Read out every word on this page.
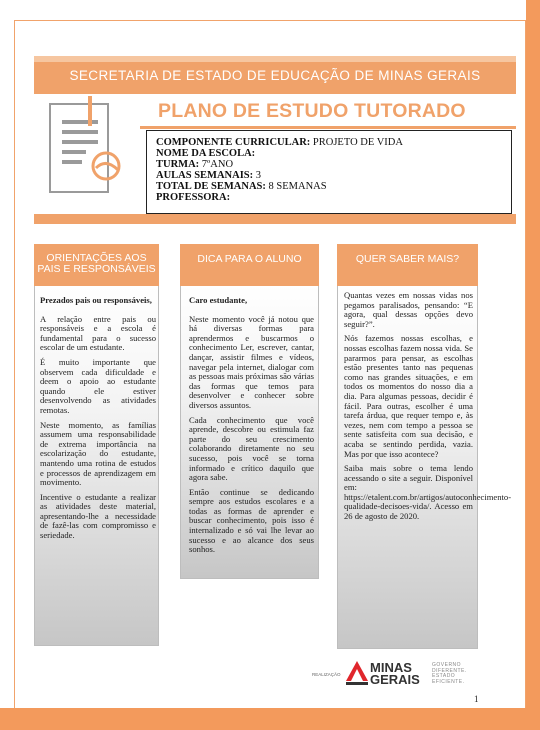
SECRETARIA DE ESTADO DE EDUCAÇÃO DE MINAS GERAIS
PLANO DE ESTUDO TUTORADO
COMPONENTE CURRICULAR: PROJETO DE VIDA
NOME DA ESCOLA:
TURMA: 7ºANO
AULAS SEMANAIS: 3
TOTAL DE SEMANAS: 8 SEMANAS
PROFESSORA:
ORIENTAÇÕES AOS PAIS E RESPONSÁVEIS

Prezados pais ou responsáveis,

A relação entre pais ou responsáveis e a escola é fundamental para o sucesso escolar de um estudante.

É muito importante que observem cada dificuldade e deem o apoio ao estudante quando ele estiver desenvolvendo as atividades remotas.

Neste momento, as famílias assumem uma responsabilidade de extrema importância na escolarização do estudante, mantendo uma rotina de estudos e processos de aprendizagem em movimento.

Incentive o estudante a realizar as atividades deste material, apresentando-lhe a necessidade de fazê-las com compromisso e seriedade.

DICA PARA O ALUNO

Caro estudante,

Neste momento você já notou que há diversas formas para aprendermos e buscarmos o conhecimento Ler, escrever, cantar, dançar, assistir filmes e vídeos, navegar pela internet, dialogar com as pessoas mais próximas são várias das formas que temos para desenvolver e conhecer sobre diversos assuntos.

Cada conhecimento que você aprende, descobre ou estimula faz parte do seu crescimento colaborando diretamente no seu sucesso, pois você se torna informado e crítico daquilo que agora sabe.

Então continue se dedicando sempre aos estudos escolares e a todas as formas de aprender e buscar conhecimento, pois isso é internalizado e só vai lhe levar ao sucesso e ao alcance dos seus sonhos.

QUER SABER MAIS?

Quantas vezes em nossas vidas nos pegamos paralisados, pensando: “E agora, qual dessas opções devo seguir?”.

Nós fazemos nossas escolhas, e nossas escolhas fazem nossa vida. Se pararmos para pensar, as escolhas estão presentes tanto nas pequenas como nas grandes situações, e em todos os momentos do nosso dia a dia. Para algumas pessoas, decidir é fácil. Para outras, escolher é uma tarefa árdua, que requer tempo e, às vezes, nem com tempo a pessoa se sente satisfeita com sua decisão, e acaba se sentindo perdida, vazia. Mas por que isso acontece?

Saiba mais sobre o tema lendo acessando o site a seguir. Disponível em: https://etalent.com.br/artigos/autoconhecimento-qualidade-decisoes-vida/. Acesso em 26 de agosto de 2020.

REALIZAÇÃO MINAS GERAIS
GOVERNO DIFERENTE. ESTADO EFICIENTE.
1
